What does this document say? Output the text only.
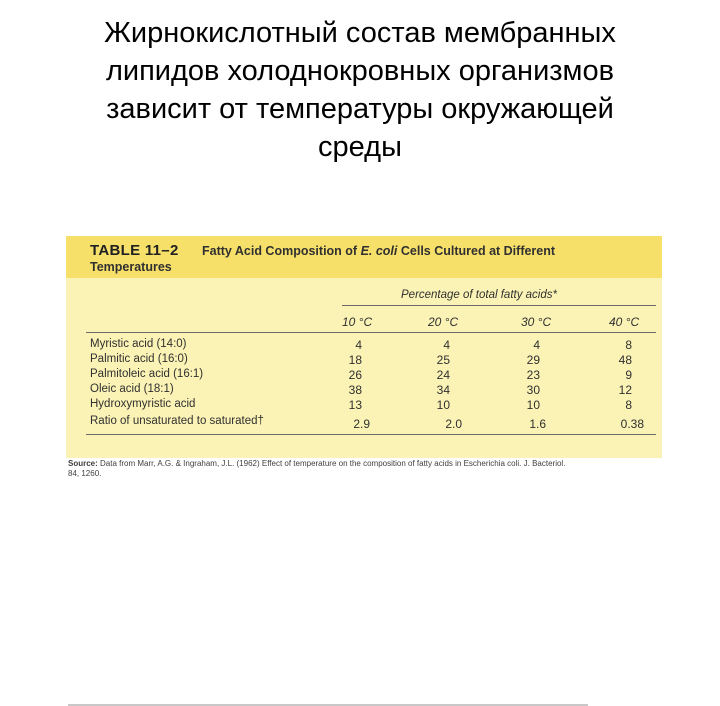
Жирнокислотный состав мембранных
липидов холоднокровных организмов
зависит от температуры окружающей
среды
TABLE 11–2 Fatty Acid Composition of E. coli Cells Cultured at Different
Temperatures
Percentage of total fatty acids*
10 °C	20 °C	30 °C	40 °C
Myristic acid (14:0)	4	4	4	8
Palmitic acid (16:0)	18	25	29	48
Palmitoleic acid (16:1)	26	24	23	9
Oleic acid (18:1)	38	34	30	12
Hydroxymyristic acid	13	10	10	8
Ratio of unsaturated to saturated†	2.9	2.0	1.6	0.38
Source: Data from Marr, A.G. & Ingraham, J.L. (1962) Effect of temperature on the composition of fatty acids in Escherichia coli. J. Bacteriol.
84, 1260.
